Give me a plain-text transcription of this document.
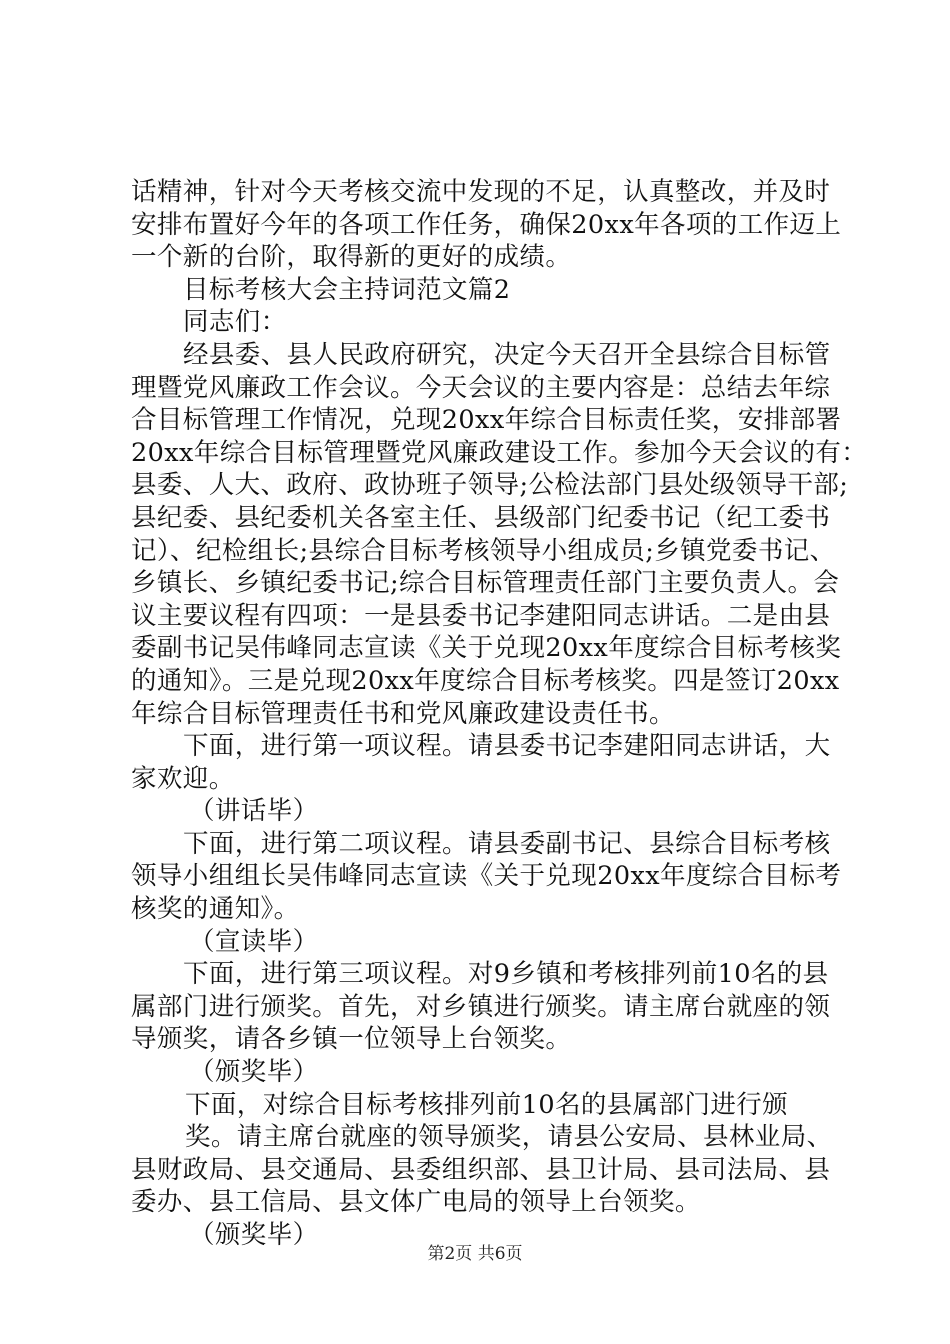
话精神，针对今天考核交流中发现的不足，认真整改，并及时
安排布置好今年的各项工作任务，确保20xx年各项的工作迈上
一个新的台阶，取得新的更好的成绩。
目标考核大会主持词范文篇2
同志们：
经县委、县人民政府研究，决定今天召开全县综合目标管
理暨党风廉政工作会议。今天会议的主要内容是：总结去年综
合目标管理工作情况，兑现20xx年综合目标责任奖，安排部署
20xx年综合目标管理暨党风廉政建设工作。参加今天会议的有：
县委、人大、政府、政协班子领导;公检法部门县处级领导干部;
县纪委、县纪委机关各室主任、县级部门纪委书记（纪工委书
记）、纪检组长;县综合目标考核领导小组成员;乡镇党委书记、
乡镇长、乡镇纪委书记;综合目标管理责任部门主要负责人。会
议主要议程有四项：一是县委书记李建阳同志讲话。二是由县
委副书记吴伟峰同志宣读《关于兑现20xx年度综合目标考核奖
的通知》。三是兑现20xx年度综合目标考核奖。四是签订20xx
年综合目标管理责任书和党风廉政建设责任书。
下面，进行第一项议程。请县委书记李建阳同志讲话，大
家欢迎。
（讲话毕）
下面，进行第二项议程。请县委副书记、县综合目标考核
领导小组组长吴伟峰同志宣读《关于兑现20xx年度综合目标考
核奖的通知》。
（宣读毕）
下面，进行第三项议程。对9乡镇和考核排列前10名的县
属部门进行颁奖。首先，对乡镇进行颁奖。请主席台就座的领
导颁奖，请各乡镇一位领导上台领奖。
（颁奖毕）
下面，对综合目标考核排列前10名的县属部门进行颁
奖。请主席台就座的领导颁奖，请县公安局、县林业局、
县财政局、县交通局、县委组织部、县卫计局、县司法局、县
委办、县工信局、县文体广电局的领导上台领奖。
（颁奖毕）
第2页 共6页
